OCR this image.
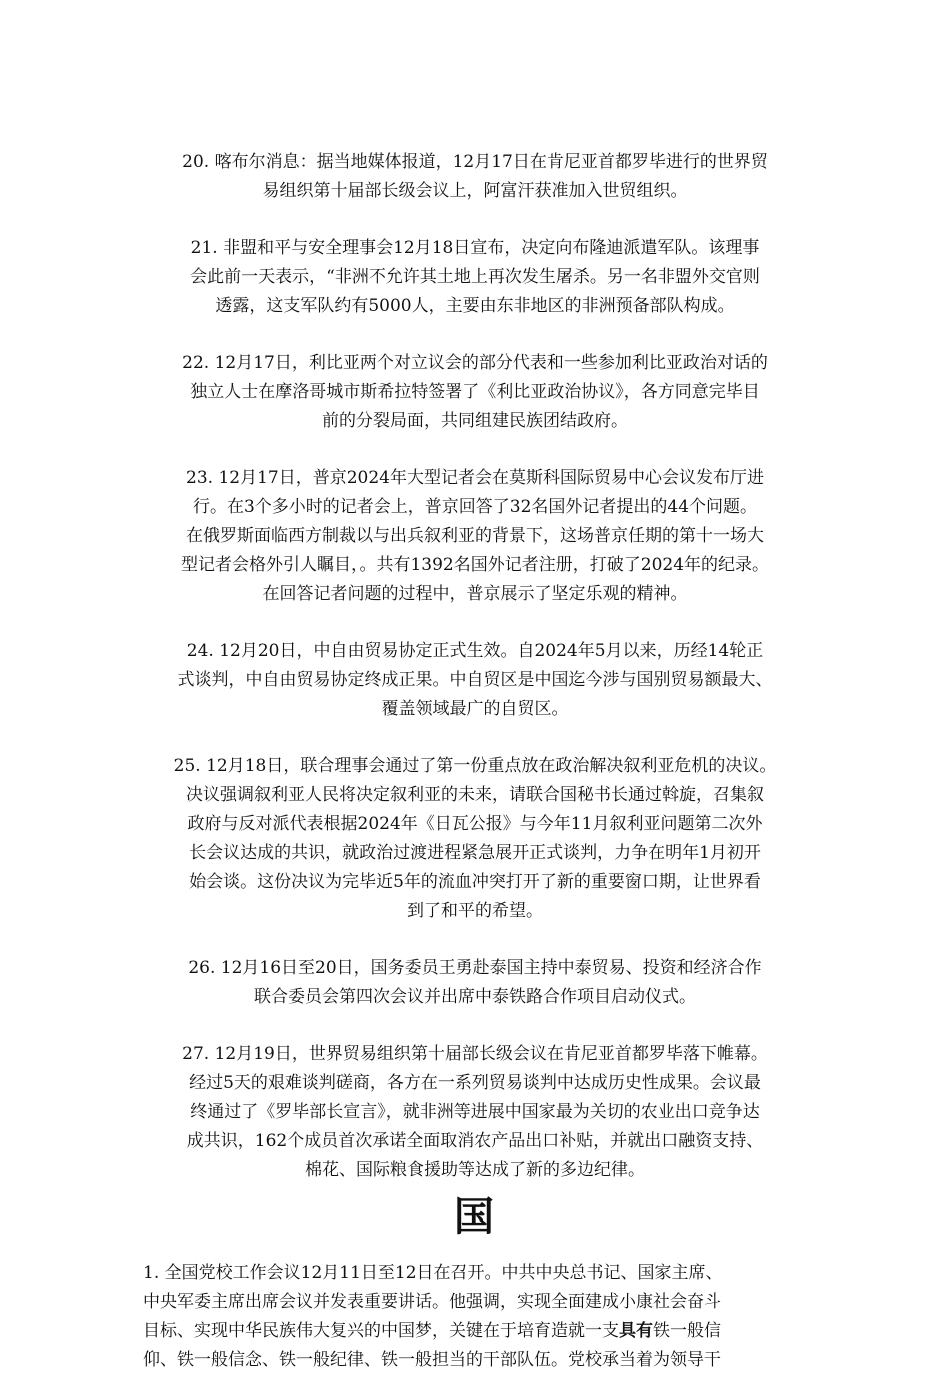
20. 喀布尔消息：据当地媒体报道，12月17日在肯尼亚首都罗毕进行的世界贸
易组织第十届部长级会议上，阿富汗获准加入世贸组织。

21. 非盟和平与安全理事会12月18日宣布，决定向布隆迪派遣军队。该理事
会此前一天表示，“非洲不允许其土地上再次发生屠杀。另一名非盟外交官则
透露，这支军队约有5000人，主要由东非地区的非洲预备部队构成。

22. 12月17日，利比亚两个对立议会的部分代表和一些参加利比亚政治对话的
独立人士在摩洛哥城市斯希拉特签署了《利比亚政治协议》，各方同意完毕目
前的分裂局面，共同组建民族团结政府。

23. 12月17日，普京2024年大型记者会在莫斯科国际贸易中心会议发布厅进
行。在3个多小时的记者会上，普京回答了32名国外记者提出的44个问题。
在俄罗斯面临西方制裁以与出兵叙利亚的背景下，这场普京任期的第十一场大
型记者会格外引人瞩目，。共有1392名国外记者注册，打破了2024年的纪录。
在回答记者问题的过程中，普京展示了坚定乐观的精神。

24. 12月20日，中自由贸易协定正式生效。自2024年5月以来，历经14轮正
式谈判，中自由贸易协定终成正果。中自贸区是中国迄今涉与国别贸易额最大、
覆盖领域最广的自贸区。

25. 12月18日，联合理事会通过了第一份重点放在政治解决叙利亚危机的决议。
决议强调叙利亚人民将决定叙利亚的未来，请联合国秘书长通过斡旋，召集叙
政府与反对派代表根据2024年《日瓦公报》与今年11月叙利亚问题第二次外
长会议达成的共识，就政治过渡进程紧急展开正式谈判，力争在明年1月初开
始会谈。这份决议为完毕近5年的流血冲突打开了新的重要窗口期，让世界看
到了和平的希望。

26. 12月16日至20日，国务委员王勇赴泰国主持中泰贸易、投资和经济合作
联合委员会第四次会议并出席中泰铁路合作项目启动仪式。

27. 12月19日，世界贸易组织第十届部长级会议在肯尼亚首都罗毕落下帷幕。
经过5天的艰难谈判磋商，各方在一系列贸易谈判中达成历史性成果。会议最
终通过了《罗毕部长宣言》，就非洲等进展中国家最为关切的农业出口竞争达
成共识，162个成员首次承诺全面取消农产品出口补贴，并就出口融资支持、
棉花、国际粮食援助等达成了新的多边纪律。

国

1. 全国党校工作会议12月11日至12日在召开。中共中央总书记、国家主席、
中央军委主席出席会议并发表重要讲话。他强调，实现全面建成小康社会奋斗
目标、实现中华民族伟大复兴的中国梦，关键在于培育造就一支具有铁一般信
仰、铁一般信念、铁一般纪律、铁一般担当的干部队伍。党校承当着为领导干
